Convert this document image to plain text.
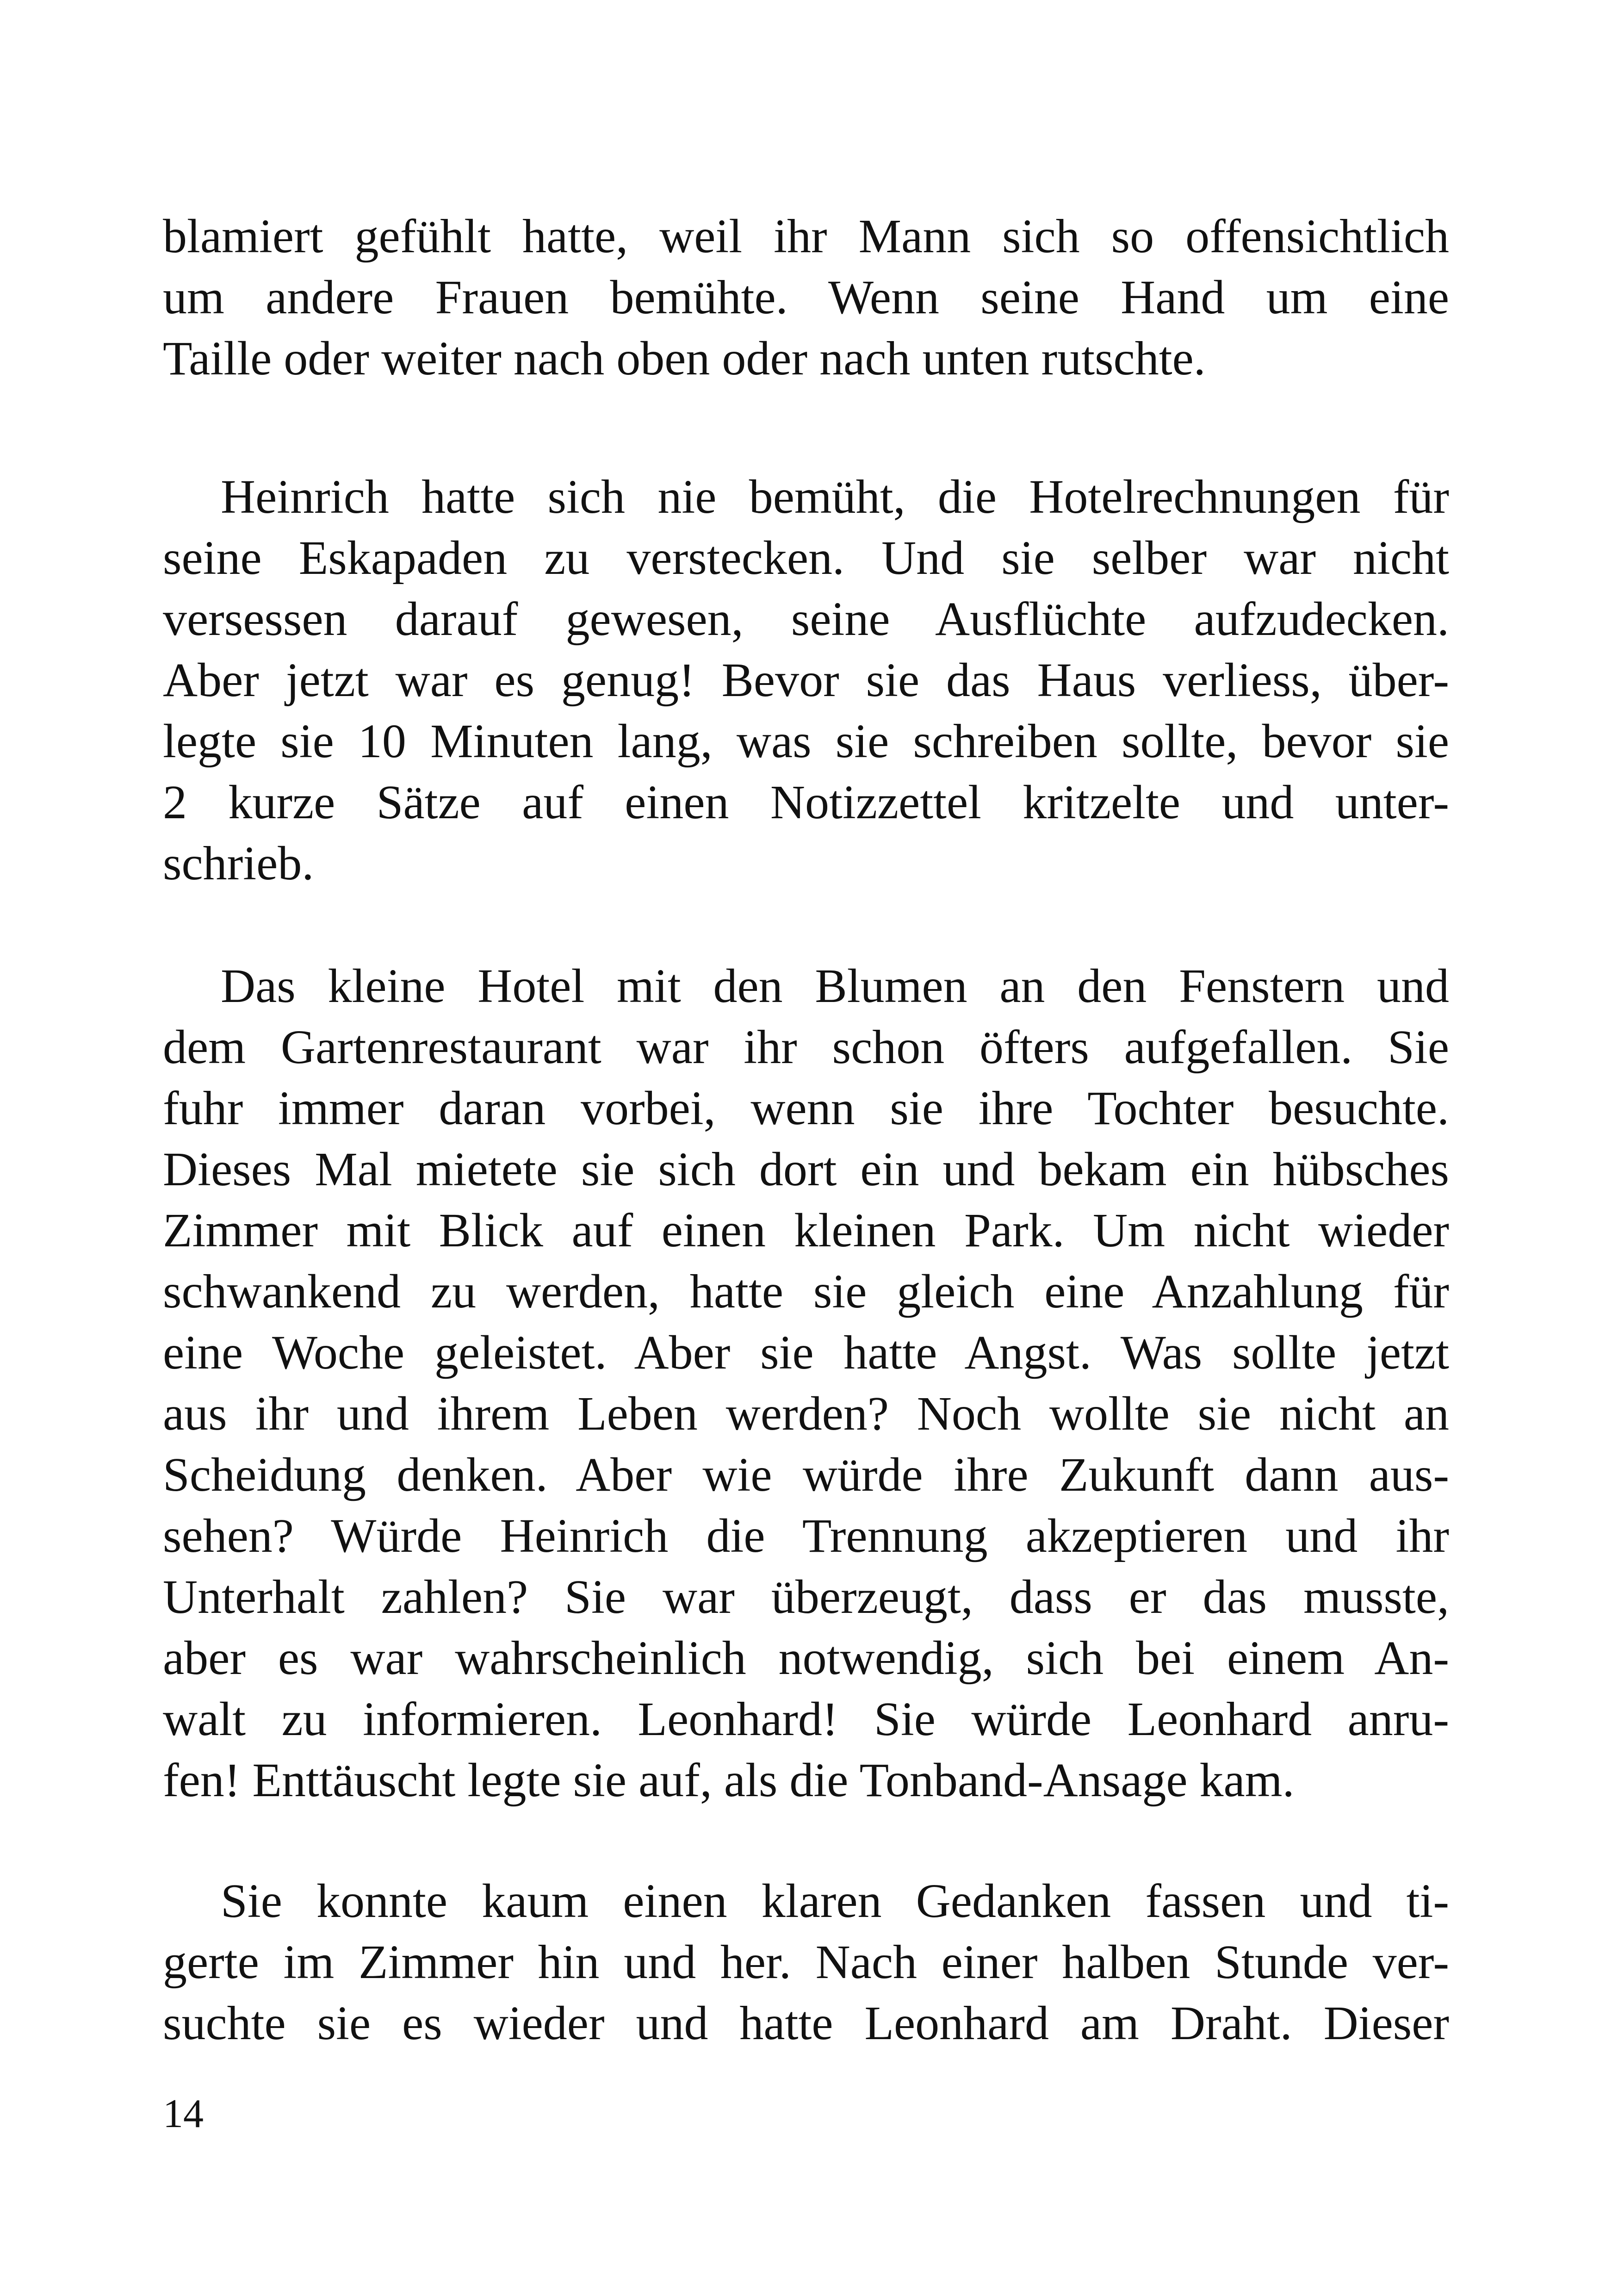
blamiert gefühlt hatte, weil ihr Mann sich so offensichtlich
um andere Frauen bemühte. Wenn seine Hand um eine
Taille oder weiter nach oben oder nach unten rutschte.
Heinrich hatte sich nie bemüht, die Hotelrechnungen für
seine Eskapaden zu verstecken. Und sie selber war nicht
versessen darauf gewesen, seine Ausflüchte aufzudecken.
Aber jetzt war es genug! Bevor sie das Haus verliess, über-
legte sie 10 Minuten lang, was sie schreiben sollte, bevor sie
2 kurze Sätze auf einen Notizzettel kritzelte und unter-
schrieb.
Das kleine Hotel mit den Blumen an den Fenstern und
dem Gartenrestaurant war ihr schon öfters aufgefallen. Sie
fuhr immer daran vorbei, wenn sie ihre Tochter besuchte.
Dieses Mal mietete sie sich dort ein und bekam ein hübsches
Zimmer mit Blick auf einen kleinen Park. Um nicht wieder
schwankend zu werden, hatte sie gleich eine Anzahlung für
eine Woche geleistet. Aber sie hatte Angst. Was sollte jetzt
aus ihr und ihrem Leben werden? Noch wollte sie nicht an
Scheidung denken. Aber wie würde ihre Zukunft dann aus-
sehen? Würde Heinrich die Trennung akzeptieren und ihr
Unterhalt zahlen? Sie war überzeugt, dass er das musste,
aber es war wahrscheinlich notwendig, sich bei einem An-
walt zu informieren. Leonhard! Sie würde Leonhard anru-
fen! Enttäuscht legte sie auf, als die Tonband-Ansage kam.
Sie konnte kaum einen klaren Gedanken fassen und ti-
gerte im Zimmer hin und her. Nach einer halben Stunde ver-
suchte sie es wieder und hatte Leonhard am Draht. Dieser
14
